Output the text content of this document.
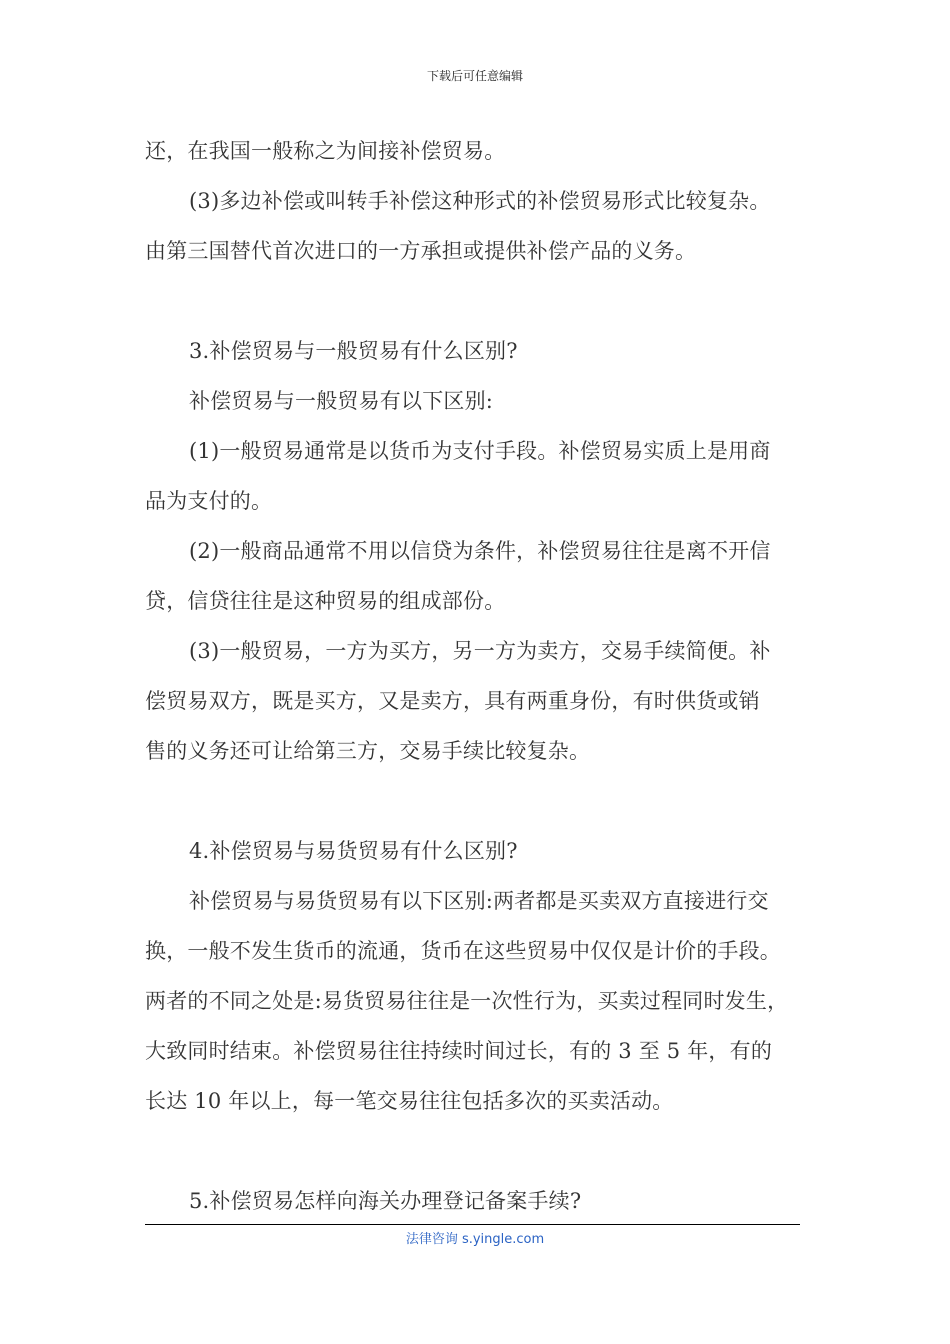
下载后可任意编辑
还，在我国一般称之为间接补偿贸易。
(3)多边补偿或叫转手补偿这种形式的补偿贸易形式比较复杂。
由第三国替代首次进口的一方承担或提供补偿产品的义务。
3.补偿贸易与一般贸易有什么区别?
补偿贸易与一般贸易有以下区别:
(1)一般贸易通常是以货币为支付手段。补偿贸易实质上是用商
品为支付的。
(2)一般商品通常不用以信贷为条件，补偿贸易往往是离不开信
贷，信贷往往是这种贸易的组成部份。
(3)一般贸易，一方为买方，另一方为卖方，交易手续简便。补
偿贸易双方，既是买方，又是卖方，具有两重身份，有时供货或销
售的义务还可让给第三方，交易手续比较复杂。
4.补偿贸易与易货贸易有什么区别?
补偿贸易与易货贸易有以下区别:两者都是买卖双方直接进行交
换，一般不发生货币的流通，货币在这些贸易中仅仅是计价的手段。
两者的不同之处是:易货贸易往往是一次性行为，买卖过程同时发生，
大致同时结束。补偿贸易往往持续时间过长，有的 3 至 5 年，有的
长达 10 年以上，每一笔交易往往包括多次的买卖活动。
5.补偿贸易怎样向海关办理登记备案手续?
法律咨询 s.yingle.com
